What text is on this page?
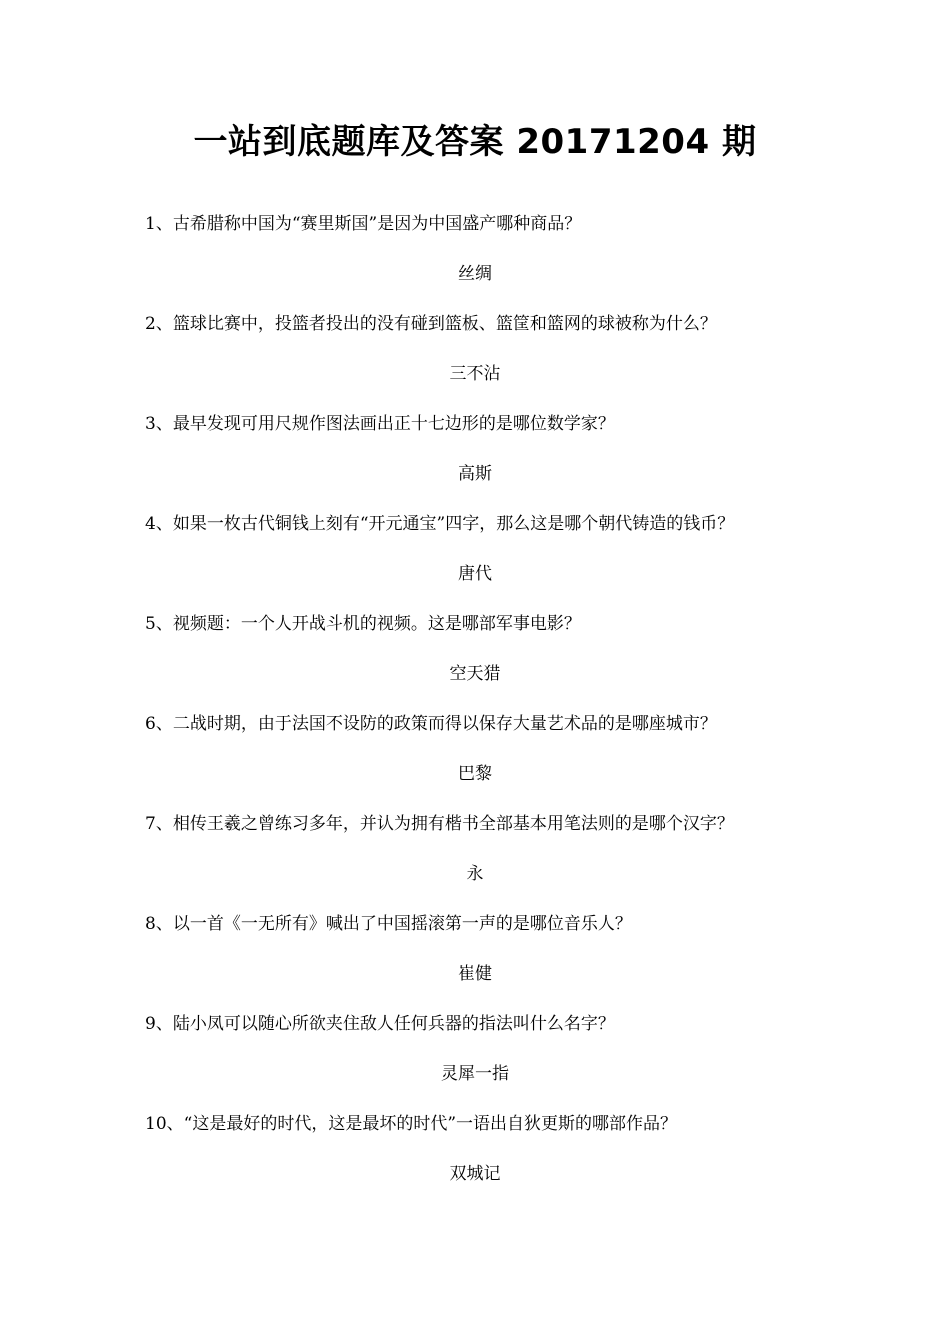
一站到底题库及答案 20171204 期
1、古希腊称中国为“赛里斯国”是因为中国盛产哪种商品？
丝绸
2、篮球比赛中，投篮者投出的没有碰到篮板、篮筐和篮网的球被称为什么？
三不沾
3、最早发现可用尺规作图法画出正十七边形的是哪位数学家？
高斯
4、如果一枚古代铜钱上刻有“开元通宝”四字，那么这是哪个朝代铸造的钱币？
唐代
5、视频题：一个人开战斗机的视频。这是哪部军事电影？
空天猎
6、二战时期，由于法国不设防的政策而得以保存大量艺术品的是哪座城市？
巴黎
7、相传王羲之曾练习多年，并认为拥有楷书全部基本用笔法则的是哪个汉字？
永
8、以一首《一无所有》喊出了中国摇滚第一声的是哪位音乐人？
崔健
9、陆小凤可以随心所欲夹住敌人任何兵器的指法叫什么名字？
灵犀一指
10、“这是最好的时代，这是最坏的时代”一语出自狄更斯的哪部作品？
双城记
